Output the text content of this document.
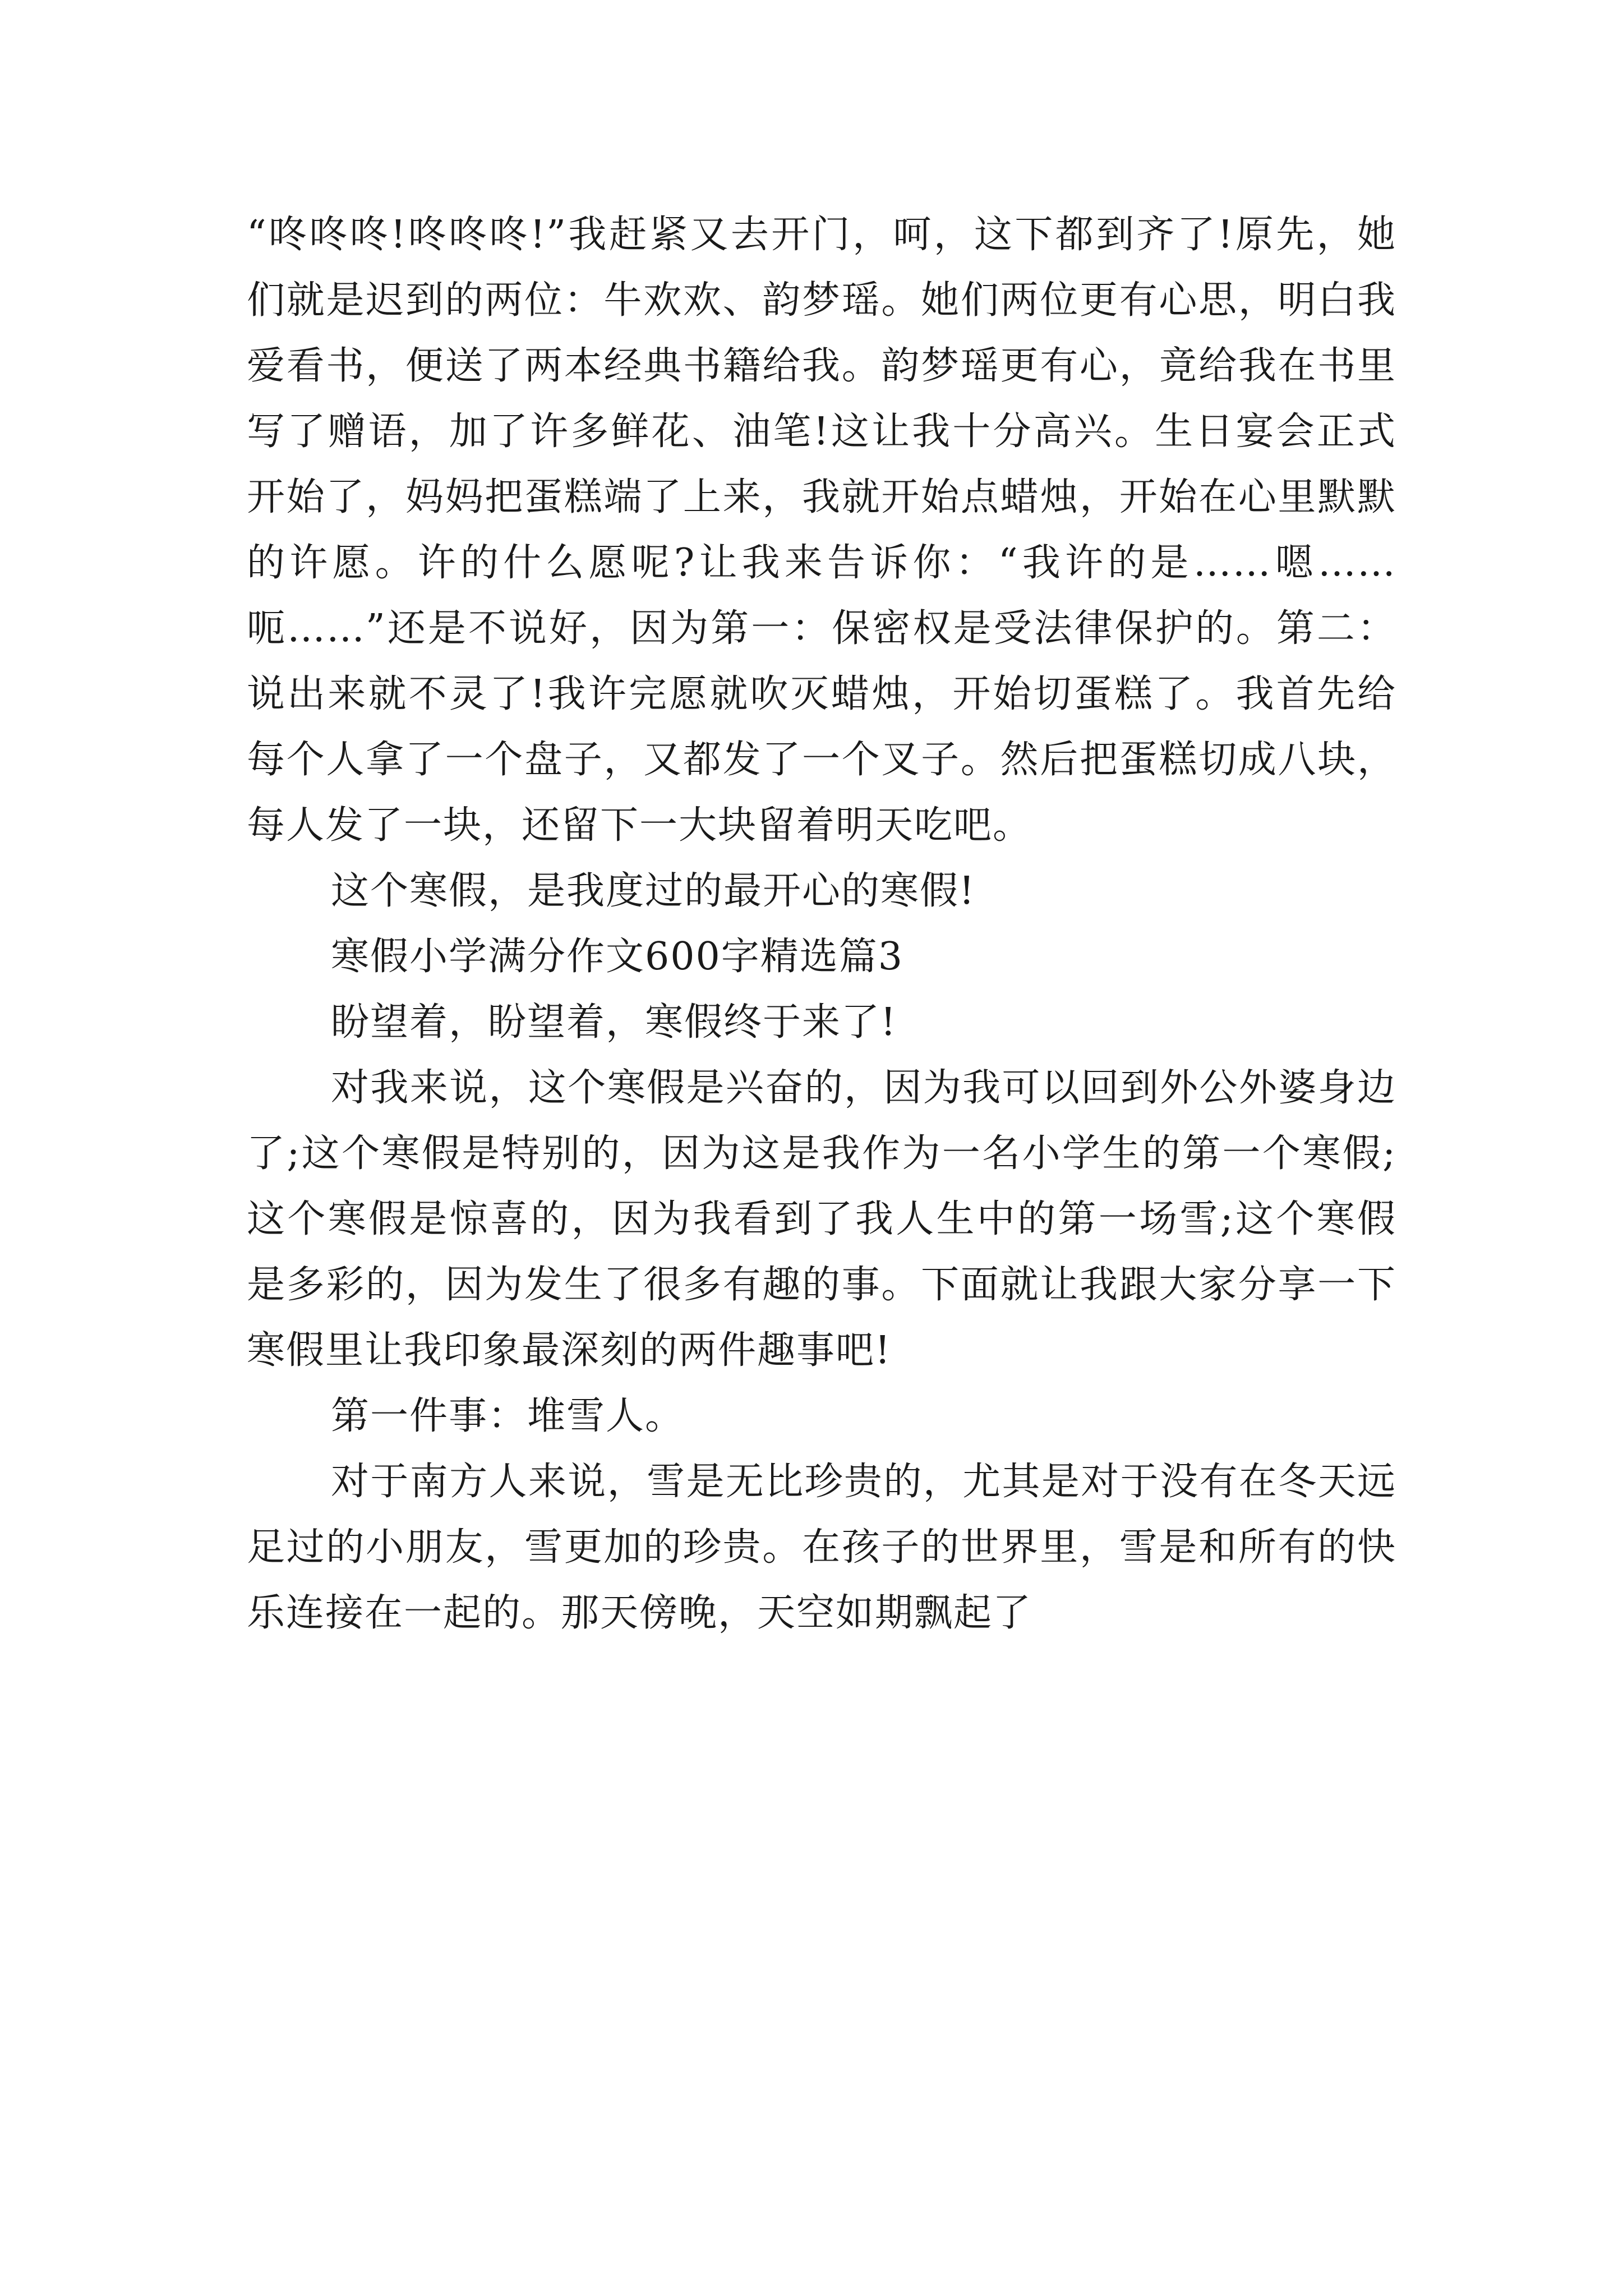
“咚咚咚!咚咚咚!”我赶紧又去开门，呵，这下都到齐了!原先，她们就是迟到的两位：牛欢欢、韵梦瑶。她们两位更有心思，明白我爱看书，便送了两本经典书籍给我。韵梦瑶更有心，竟给我在书里写了赠语，加了许多鲜花、油笔!这让我十分高兴。生日宴会正式开始了，妈妈把蛋糕端了上来，我就开始点蜡烛，开始在心里默默的许愿。许的什么愿呢?让我来告诉你：“我许的是……嗯……呃……”还是不说好，因为第一：保密权是受法律保护的。第二：说出来就不灵了!我许完愿就吹灭蜡烛，开始切蛋糕了。我首先给每个人拿了一个盘子，又都发了一个叉子。然后把蛋糕切成八块，每人发了一块，还留下一大块留着明天吃吧。

这个寒假，是我度过的最开心的寒假!

寒假小学满分作文600字精选篇3

盼望着，盼望着，寒假终于来了!

对我来说，这个寒假是兴奋的，因为我可以回到外公外婆身边了;这个寒假是特别的，因为这是我作为一名小学生的第一个寒假;这个寒假是惊喜的，因为我看到了我人生中的第一场雪;这个寒假是多彩的，因为发生了很多有趣的事。下面就让我跟大家分享一下寒假里让我印象最深刻的两件趣事吧!

第一件事：堆雪人。

对于南方人来说，雪是无比珍贵的，尤其是对于没有在冬天远足过的小朋友，雪更加的珍贵。在孩子的世界里，雪是和所有的快乐连接在一起的。那天傍晚，天空如期飘起了
